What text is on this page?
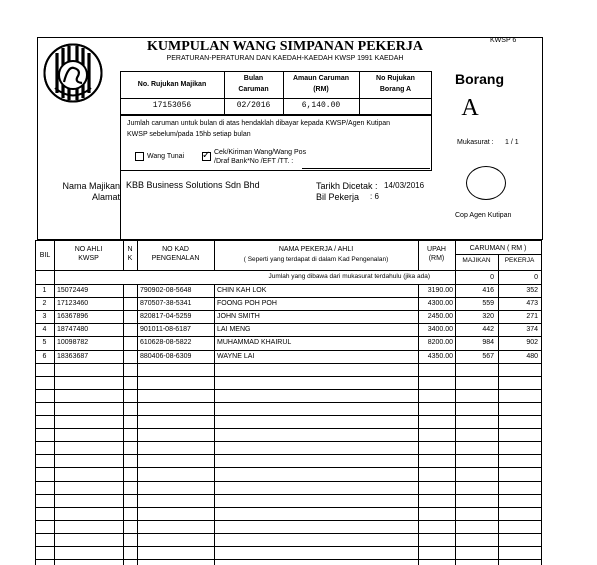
KWSP 6
KUMPULAN WANG SIMPANAN PEKERJA
PERATURAN-PERATURAN DAN KAEDAH-KAEDAH KWSP 1991 KAEDAH
No. Rujukan Majikan
Bulan
Caruman
Amaun Caruman
(RM)
No Rujukan
Borang A
17153056	02/2016	6,140.00
Jumlah caruman untuk bulan di atas hendaklah dibayar kepada KWSP/Agen Kutipan
KWSP sebelum/pada 15hb setiap bulan
Wang Tunai ✓ Cek/Kiriman Wang/Wang Pos
/Draf Bank*No /EFT /TT. :
Borang
A
Mukasurat : 1 / 1
Cop Agen Kutipan
Nama Majikan
Alamat
KBB Business Solutions Sdn Bhd	Tarikh Dicetak : 14/03/2016
Bil Pekerja : 6
BIL
NO AHLI
KWSP
N
K
NO KAD
PENGENALAN
NAMA PEKERJA / AHLI
( Seperti yang terdapat di dalam Kad Pengenalan)
UPAH
(RM)
CARUMAN ( RM )
MAJIKAN	PEKERJA
Jumlah yang dibawa dari mukasurat terdahulu (jika ada)	0	0
1	15072449	790902-08-5648	CHIN KAH LOK	3190.00	416	352
2	17123460	870507-38-5341	FOONG POH POH	4300.00	559	473
3	16367896	820817-04-5259	JOHN SMITH	2450.00	320	271
4	18747480	901011-08-6187	LAI MENG	3400.00	442	374
5	10098782	610628-08-5822	MUHAMMAD KHAIRUL	8200.00	984	902
6	18363687	880406-08-6309	WAYNE LAI	4350.00	567	480
